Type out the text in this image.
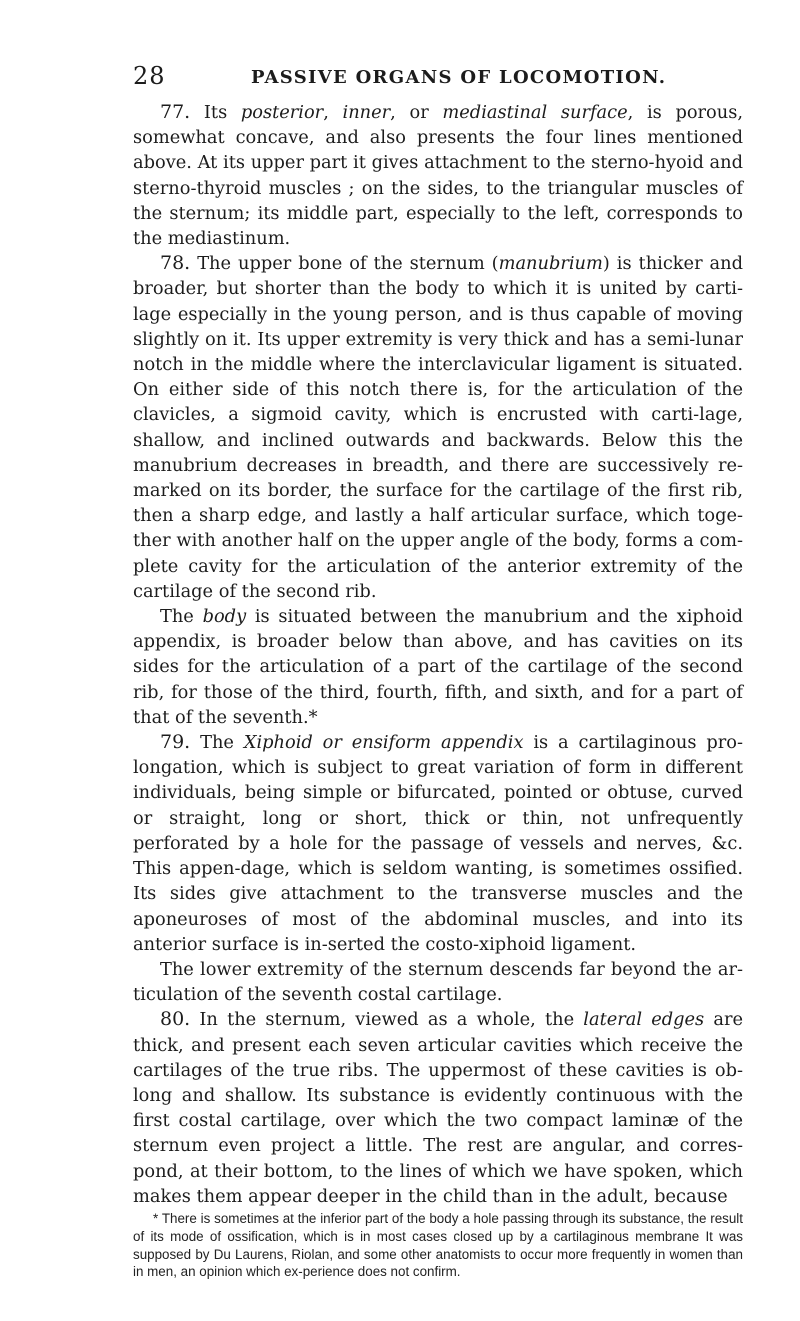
28	PASSIVE ORGANS OF LOCOMOTION.

77. Its posterior, inner, or mediastinal surface, is porous, somewhat concave, and also presents the four lines mentioned above. At its upper part it gives attachment to the sterno-hyoid and sterno-thyroid muscles ; on the sides, to the triangular muscles of the sternum; its middle part, especially to the left, corresponds to the mediastinum.

78. The upper bone of the sternum (manubrium) is thicker and broader, but shorter than the body to which it is united by carti-lage especially in the young person, and is thus capable of moving slightly on it. Its upper extremity is very thick and has a semi-lunar notch in the middle where the interclavicular ligament is situated. On either side of this notch there is, for the articulation of the clavicles, a sigmoid cavity, which is encrusted with carti-lage, shallow, and inclined outwards and backwards. Below this the manubrium decreases in breadth, and there are successively re-marked on its border, the surface for the cartilage of the first rib, then a sharp edge, and lastly a half articular surface, which toge-ther with another half on the upper angle of the body, forms a com-plete cavity for the articulation of the anterior extremity of the cartilage of the second rib.

The body is situated between the manubrium and the xiphoid appendix, is broader below than above, and has cavities on its sides for the articulation of a part of the cartilage of the second rib, for those of the third, fourth, fifth, and sixth, and for a part of that of the seventh.*

79. The Xiphoid or ensiform appendix is a cartilaginous pro-longation, which is subject to great variation of form in different individuals, being simple or bifurcated, pointed or obtuse, curved or straight, long or short, thick or thin, not unfrequently perforated by a hole for the passage of vessels and nerves, &c. This appen-dage, which is seldom wanting, is sometimes ossified. Its sides give attachment to the transverse muscles and the aponeuroses of most of the abdominal muscles, and into its anterior surface is in-serted the costo-xiphoid ligament.

The lower extremity of the sternum descends far beyond the ar-ticulation of the seventh costal cartilage.

80. In the sternum, viewed as a whole, the lateral edges are thick, and present each seven articular cavities which receive the cartilages of the true ribs. The uppermost of these cavities is ob-long and shallow. Its substance is evidently continuous with the first costal cartilage, over which the two compact laminæ of the sternum even project a little. The rest are angular, and corres-pond, at their bottom, to the lines of which we have spoken, which makes them appear deeper in the child than in the adult, because

* There is sometimes at the inferior part of the body a hole passing through its substance, the result of its mode of ossification, which is in most cases closed up by a cartilaginous membrane It was supposed by Du Laurens, Riolan, and some other anatomists to occur more frequently in women than in men, an opinion which ex-perience does not confirm.
